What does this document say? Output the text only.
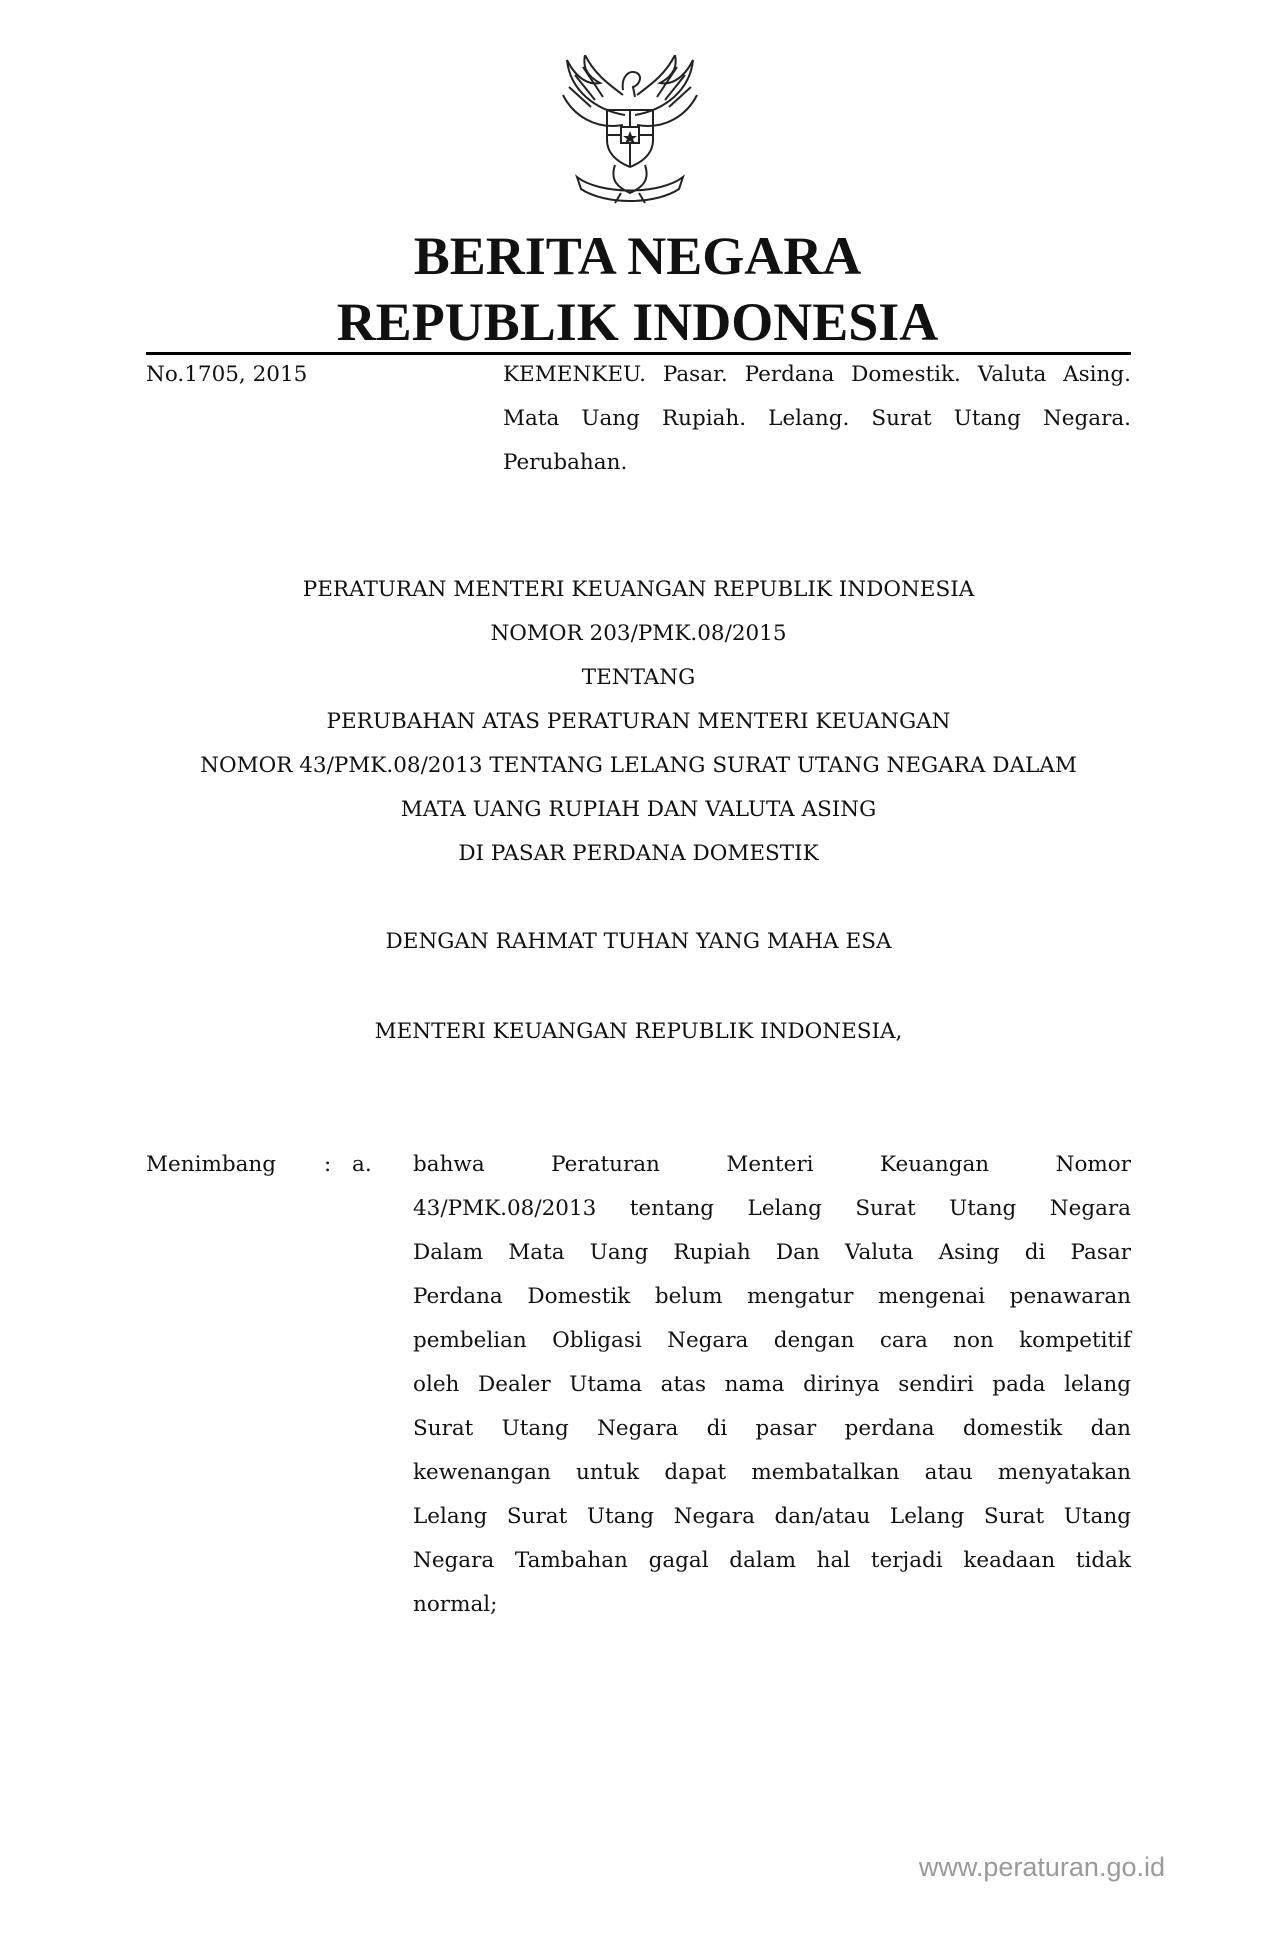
BERITA NEGARA
REPUBLIK INDONESIA
No.1705, 2015	KEMENKEU. Pasar. Perdana Domestik. Valuta Asing. Mata Uang Rupiah. Lelang. Surat Utang Negara. Perubahan.
PERATURAN MENTERI KEUANGAN REPUBLIK INDONESIA
NOMOR 203/PMK.08/2015
TENTANG
PERUBAHAN ATAS PERATURAN MENTERI KEUANGAN
NOMOR 43/PMK.08/2013 TENTANG LELANG SURAT UTANG NEGARA DALAM
MATA UANG RUPIAH DAN VALUTA ASING
DI PASAR PERDANA DOMESTIK
DENGAN RAHMAT TUHAN YANG MAHA ESA
MENTERI KEUANGAN REPUBLIK INDONESIA,
Menimbang : a. bahwa Peraturan Menteri Keuangan Nomor
43/PMK.08/2013 tentang Lelang Surat Utang Negara
Dalam Mata Uang Rupiah Dan Valuta Asing di Pasar
Perdana Domestik belum mengatur mengenai penawaran
pembelian Obligasi Negara dengan cara non kompetitif
oleh Dealer Utama atas nama dirinya sendiri pada lelang
Surat Utang Negara di pasar perdana domestik dan
kewenangan untuk dapat membatalkan atau menyatakan
Lelang Surat Utang Negara dan/atau Lelang Surat Utang
Negara Tambahan gagal dalam hal terjadi keadaan tidak
normal;
www.peraturan.go.id
